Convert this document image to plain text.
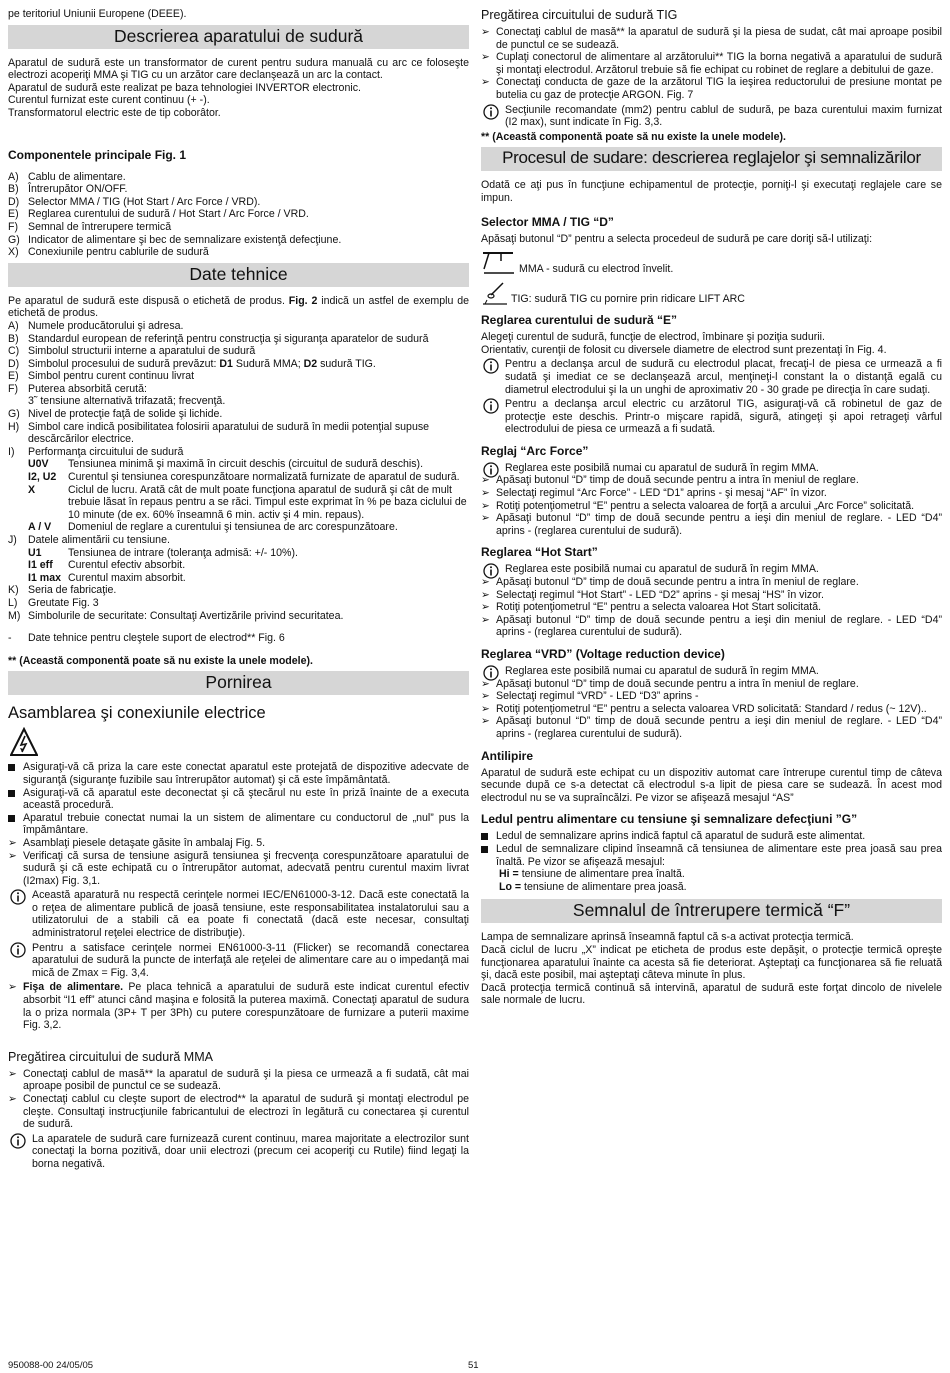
pe teritoriul Uniunii Europene (DEEE).

Descrierea aparatului de sudură

Aparatul de sudură este un transformator de curent pentru sudura manuală cu arc ce foloseşte electrozi acoperiţi MMA şi TIG cu un arzător care declanşează un arc la contact.

Aparatul de sudură este realizat pe baza tehnologiei INVERTOR electronic.

Curentul furnizat este curent continuu (+ -).

Transformatorul electric este de tip coborâtor.

Componentele principale Fig. 1

A) Cablu de alimentare.
B) Întrerupător ON/OFF.
D) Selector MMA / TIG (Hot Start / Arc Force / VRD).
E) Reglarea curentului de sudură / Hot Start / Arc Force / VRD.
F) Semnal de întrerupere termică
G) Indicator de alimentare şi bec de semnalizare existenţă defecţiune.
X) Conexiunile pentru cablurile de sudură
Date tehnice

Pe aparatul de sudură este dispusă o etichetă de produs. Fig. 2 indică un astfel de exemplu de etichetă de produs.

A) Numele producătorului şi adresa.
B) Standardul european de referinţă pentru construcţia şi siguranţa aparatelor de sudură
C) Simbolul structurii interne a aparatului de sudură
D) Simbolul procesului de sudură prevăzut: D1 Sudură MMA; D2 sudură TIG.
E) Simbol pentru curent continuu livrat
F) Puterea absorbită cerută:

3˜ tensiune alternativă trifazată; frecvenţă.

G) Nivel de protecţie faţă de solide şi lichide.
H) Simbol care indică posibilitatea folosirii aparatului de sudură în medii potenţial supuse descărcărilor electrice.
I)	Performanţa circuitului de sudură
U0V	Tensiunea minimă şi maximă în circuit deschis (circuitul de sudură deschis).
I2, U2	Curentul şi tensiunea corespunzătoare normalizată furnizate de aparatul de sudură.
X	Ciclul de lucru. Arată cât de mult poate funcţiona aparatul de sudură şi cât de mult trebuie lăsat în repaus pentru a se răci. Timpul este exprimat în % pe baza ciclului de 10 minute (de ex. 60% înseamnă 6 min. activ şi 4 min. repaus).
A / V	Domeniul de reglare a curentului şi tensiunea de arc corespunzătoare.
J)	Datele alimentării cu tensiune.
U1	Tensiunea de intrare (toleranţa admisă: +/- 10%).
I1 eff	Curentul efectiv absorbit.
I1 max Curentul maxim absorbit.
K) Seria de fabricaţie.
L) Greutate Fig. 3
M) Simbolurile de securitate: Consultaţi Avertizările privind securitatea.
-	Date tehnice pentru cleştele suport de electrod** Fig. 6

** (Această componentă poate să nu existe la unele modele).

Pornirea

Asamblarea şi conexiunile electrice

Asiguraţi-vă că priza la care este conectat aparatul este protejată de dispozitive adecvate de siguranţă (siguranţe fuzibile sau întrerupător automat) şi că este împământată.
Asiguraţi-vă că aparatul este deconectat şi că ştecărul nu este în priză înainte de a executa această procedură.
Aparatul trebuie conectat numai la un sistem de alimentare cu conductorul de „nul” pus la împământare.
➢ Asamblaţi piesele detaşate găsite în ambalaj Fig. 5.
➢ Verificaţi că sursa de tensiune asigură tensiunea şi frecvenţa corespunzătoare aparatului de sudură şi că este echipată cu o întrerupător automat, adecvată pentru curentul maxim livrat (I2max) Fig. 3,1.
Această aparatură nu respectă cerinţele normei IEC/EN61000-3-12. Dacă este conectată la o reţea de alimentare publică de joasă tensiune, este responsabilitatea instalatorului sau a utilizatorului de a stabili că ea poate fi conectată (dacă este necesar, consultaţi administratorul reţelei electrice de distribuţie).
Pentru a satisface cerinţele normei EN61000-3-11 (Flicker) se recomandă conectarea aparatului de sudură la puncte de interfaţă ale reţelei de alimentare care au o impedanţă mai mică de Zmax = Fig. 3,4.
➢ Fişa de alimentare. Pe placa tehnică a aparatului de sudură este indicat curentul efectiv absorbit “I1 eff” atunci când maşina e folosită la puterea maximă. Conectaţi aparatul de sudura la o priza normala (3P+ T per 3Ph) cu putere corespunzătoare de furnizare a puterii maxime Fig. 3,2.

Pregătirea circuitului de sudură MMA

➢ Conectaţi cablul de masă** la aparatul de sudură şi la piesa ce urmează a fi sudată, cât mai aproape posibil de punctul ce se sudează.
➢ Conectaţi cablul cu cleşte suport de electrod** la aparatul de sudură şi montaţi electrodul pe cleşte. Consultaţi instrucţiunile fabricantului de electrozi în legătură cu conectarea şi curentul de sudură.
La aparatele de sudură care furnizează curent continuu, marea majoritate a electrozilor sunt conectaţi la borna pozitivă, doar unii electrozi (precum cei acoperiţi cu Rutile) fiind legaţi la borna negativă.

Pregătirea circuitului de sudură TIG

➢ Conectaţi cablul de masă** la aparatul de sudură şi la piesa de sudat, cât mai aproape posibil de punctul ce se sudează.
➢ Cuplaţi conectorul de alimentare al arzătorului** TIG la borna negativă a aparatului de sudură şi montaţi electrodul. Arzătorul trebuie să fie echipat cu robinet de reglare a debitului de gaze.
➢ Conectaţi conducta de gaze de la arzătorul TIG la ieşirea reductorului de presiune montat pe butelia cu gaz de protecţie ARGON. Fig. 7
Secţiunile recomandate (mm2) pentru cablul de sudură, pe baza curentului maxim furnizat (I2 max), sunt indicate în Fig. 3,3.

** (Această componentă poate să nu existe la unele modele).

Procesul de sudare: descrierea reglajelor şi semnalizărilor

Odată ce aţi pus în funcţiune echipamentul de protecţie, porniţi-l şi executaţi reglajele care se impun.

Selector MMA / TIG “D”

Apăsaţi butonul “D” pentru a selecta procedeul de sudură pe care doriţi să-l utilizaţi:

MMA - sudură cu electrod învelit.
TIG: sudură TIG cu pornire prin ridicare LIFT ARC

Reglarea curentului de sudură “E”

Alegeţi curentul de sudură, funcţie de electrod, îmbinare şi poziţia sudurii.

Orientativ, curenţii de folosit cu diversele diametre de electrod sunt prezentaţi în Fig. 4.

Pentru a declanşa arcul de sudură cu electrodul placat, frecaţi-l de piesa ce urmează a fi sudată şi imediat ce se declanşează arcul, menţineţi-l constant la o distanţă egală cu diametrul electrodului şi la un unghi de aproximativ 20 - 30 grade pe direcţia în care sudaţi.
Pentru a declanşa arcul electric cu arzătorul TIG, asiguraţi-vă că robinetul de gaz de protecţie este deschis. Printr-o mişcare rapidă, sigură, atingeţi şi apoi retrageţi vârful electrodului de piesa ce urmează a fi sudată.

Reglaj “Arc Force”

Reglarea este posibilă numai cu aparatul de sudură în regim MMA.
➢ Apăsaţi butonul “D” timp de două secunde pentru a intra în meniul de reglare.
➢ Selectaţi regimul “Arc Force” - LED “D1” aprins - şi mesaj “AF” în vizor.
➢ Rotiţi potenţiometrul “E” pentru a selecta valoarea de forţă a arcului „Arc Force” solicitată.
➢ Apăsaţi butonul “D” timp de două secunde pentru a ieşi din meniul de reglare. - LED “D4” aprins - (reglarea curentului de sudură).

Reglarea “Hot Start”

Reglarea este posibilă numai cu aparatul de sudură în regim MMA.
➢ Apăsaţi butonul “D” timp de două secunde pentru a intra în meniul de reglare.
➢ Selectaţi regimul “Hot Start” - LED “D2” aprins - şi mesaj “HS” în vizor.
➢ Rotiţi potenţiometrul “E” pentru a selecta valoarea Hot Start solicitată.
➢ Apăsaţi butonul “D” timp de două secunde pentru a ieşi din meniul de reglare. - LED “D4” aprins - (reglarea curentului de sudură).

Reglarea “VRD” (Voltage reduction device)

Reglarea este posibilă numai cu aparatul de sudură în regim MMA.
➢ Apăsaţi butonul “D” timp de două secunde pentru a intra în meniul de reglare.
➢ Selectaţi regimul “VRD” - LED “D3” aprins -
➢ Rotiţi potenţiometrul “E” pentru a selecta valoarea VRD solicitată: Standard / redus (~ 12V)..
➢ Apăsaţi butonul “D” timp de două secunde pentru a ieşi din meniul de reglare. - LED “D4” aprins - (reglarea curentului de sudură).

Antilipire

Aparatul de sudură este echipat cu un dispozitiv automat care întrerupe curentul timp de câteva secunde după ce s-a detectat că electrodul s-a lipit de piesa care se sudează. În acest mod electrodul nu se va supraîncălzi. Pe vizor se afişează mesajul “AS”

Ledul pentru alimentare cu tensiune şi semnalizare defecţiuni ”G”

Ledul de semnalizare aprins indică faptul că aparatul de sudură este alimentat.
Ledul de semnalizare clipind înseamnă că tensiunea de alimentare este prea joasă sau prea înaltă. Pe vizor se afişează mesajul:

Hi = tensiune de alimentare prea înaltă.

Lo = tensiune de alimentare prea joasă.

Semnalul de întrerupere termică “F”

Lampa de semnalizare aprinsă înseamnă faptul că s-a activat protecţia termică.

Dacă ciclul de lucru „X” indicat pe eticheta de produs este depăşit, o protecţie termică opreşte funcţionarea aparatului înainte ca acesta să fie deteriorat. Aşteptaţi ca funcţionarea să fie reluată şi, dacă este posibil, mai aşteptaţi câteva minute în plus.

Dacă protecţia termică continuă să intervină, aparatul de sudură este forţat dincolo de nivelele sale normale de lucru.

950088-00 24/05/05	51
